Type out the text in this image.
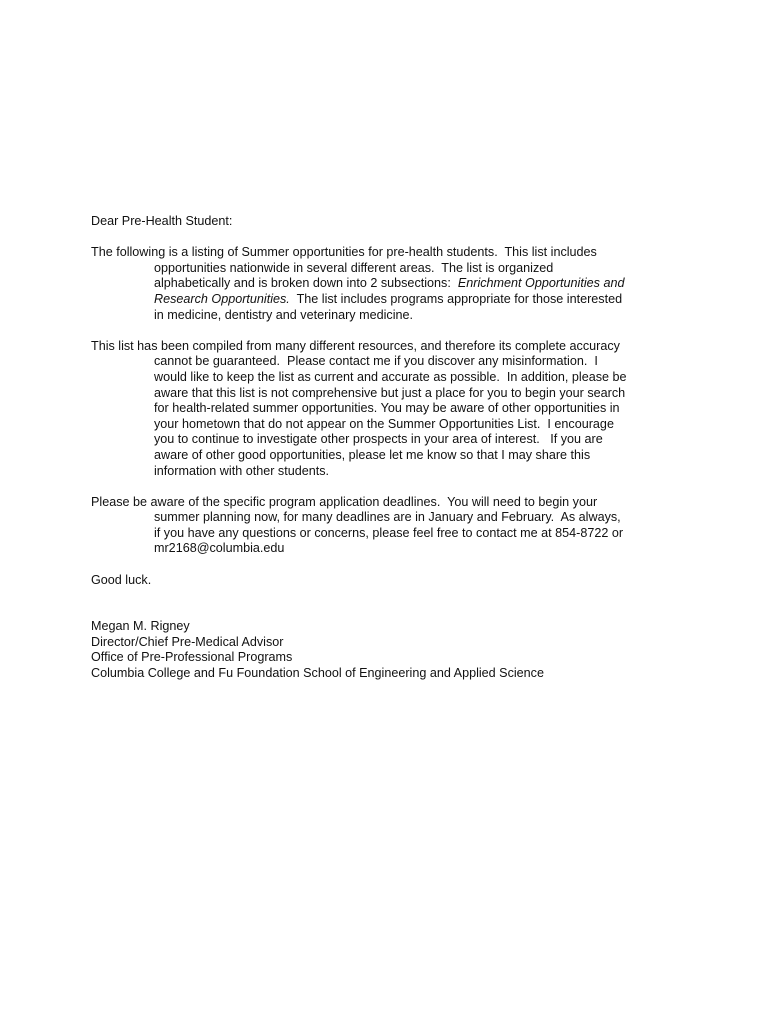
Dear Pre-Health Student:
The following is a listing of Summer opportunities for pre-health students.  This list includes
opportunities nationwide in several different areas.  The list is organized
alphabetically and is broken down into 2 subsections:  Enrichment Opportunities and
Research Opportunities.  The list includes programs appropriate for those interested
in medicine, dentistry and veterinary medicine.
This list has been compiled from many different resources, and therefore its complete accuracy
cannot be guaranteed.  Please contact me if you discover any misinformation.  I
would like to keep the list as current and accurate as possible.  In addition, please be
aware that this list is not comprehensive but just a place for you to begin your search
for health-related summer opportunities. You may be aware of other opportunities in
your hometown that do not appear on the Summer Opportunities List.  I encourage
you to continue to investigate other prospects in your area of interest.   If you are
aware of other good opportunities, please let me know so that I may share this
information with other students.
Please be aware of the specific program application deadlines.  You will need to begin your
summer planning now, for many deadlines are in January and February.  As always,
if you have any questions or concerns, please feel free to contact me at 854-8722 or
mr2168@columbia.edu
Good luck.
Megan M. Rigney
Director/Chief Pre-Medical Advisor
Office of Pre-Professional Programs
Columbia College and Fu Foundation School of Engineering and Applied Science
